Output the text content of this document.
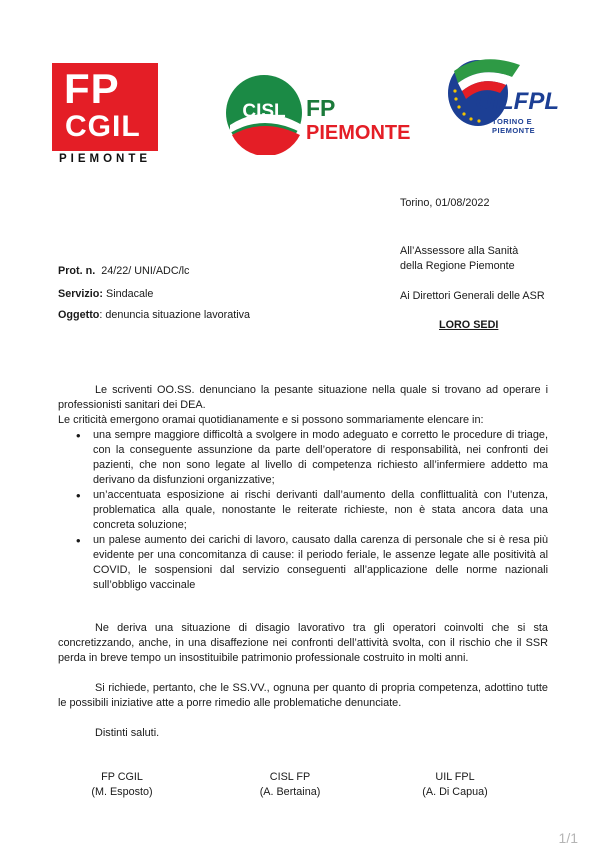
FP
CGIL
PIEMONTE
CISL FP
PIEMONTE
UILFPL
TORINO E PIEMONTE
Torino, 01/08/2022
All’Assessore alla Sanità
della Regione Piemonte
Ai Direttori Generali delle ASR
LORO SEDI
Prot. n. 24/22/ UNI/ADC/lc
Servizio: Sindacale
Oggetto: denuncia situazione lavorativa
Le scriventi OO.SS. denunciano la pesante situazione nella quale si trovano ad operare i professionisti sanitari dei DEA.
Le criticità emergono oramai quotidianamente e si possono sommariamente elencare in:
• una sempre maggiore difficoltà a svolgere in modo adeguato e corretto le procedure di triage, con la conseguente assunzione da parte dell’operatore di responsabilità, nei confronti dei pazienti, che non sono legate al livello di competenza richiesto all’infermiere addetto ma derivano da disfunzioni organizzative;
• un’accentuata esposizione ai rischi derivanti dall’aumento della conflittualità con l’utenza, problematica alla quale, nonostante le reiterate richieste, non è stata ancora data una concreta soluzione;
• un palese aumento dei carichi di lavoro, causato dalla carenza di personale che si è resa più evidente per una concomitanza di cause: il periodo feriale, le assenze legate alle positività al COVID, le sospensioni dal servizio conseguenti all’applicazione delle norme nazionali sull’obbligo vaccinale
Ne deriva una situazione di disagio lavorativo tra gli operatori coinvolti che si sta concretizzando, anche, in una disaffezione nei confronti dell’attività svolta, con il rischio che il SSR perda in breve tempo un insostituibile patrimonio professionale costruito in molti anni.
Si richiede, pertanto, che le SS.VV., ognuna per quanto di propria competenza, adottino tutte le possibili iniziative atte a porre rimedio alle problematiche denunciate.
Distinti saluti.
FP CGIL
(M. Esposto)
CISL FP
(A. Bertaina)
UIL FPL
(A. Di Capua)
1/1
